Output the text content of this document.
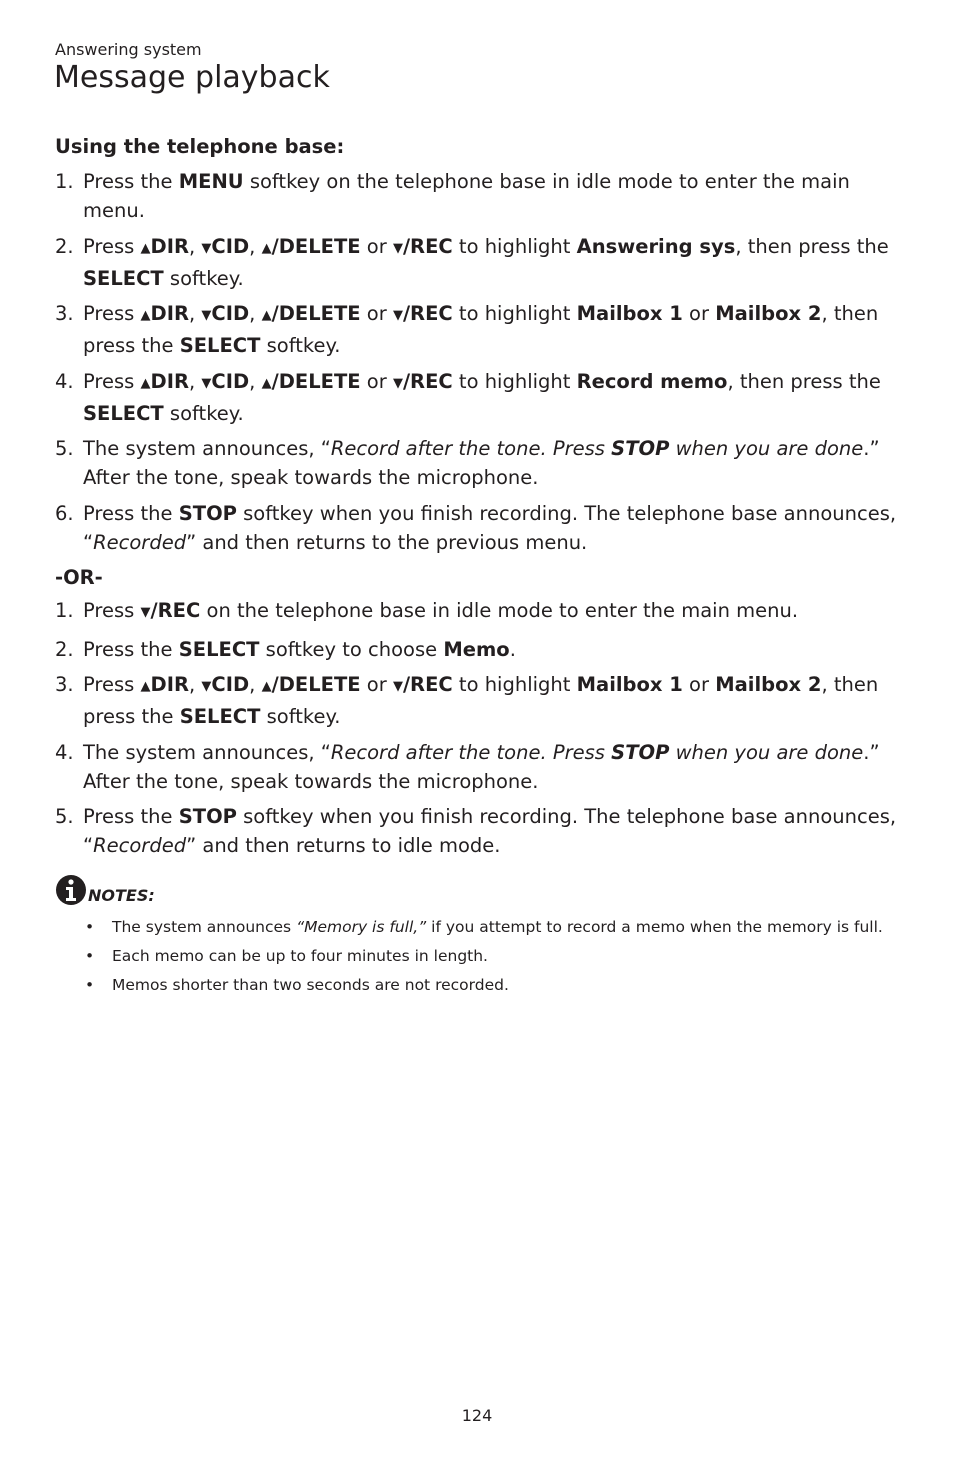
Answering system
Message playback
Using the telephone base:
1. Press the MENU softkey on the telephone base in idle mode to enter the main menu.
2. Press ▲DIR, ▼CID, ▲/DELETE or ▼/REC to highlight Answering sys, then press the SELECT softkey.
3. Press ▲DIR, ▼CID, ▲/DELETE or ▼/REC to highlight Mailbox 1 or Mailbox 2, then press the SELECT softkey.
4. Press ▲DIR, ▼CID, ▲/DELETE or ▼/REC to highlight Record memo, then press the SELECT softkey.
5. The system announces, “Record after the tone. Press STOP when you are done.” After the tone, speak towards the microphone.
6. Press the STOP softkey when you finish recording. The telephone base announces, “Recorded” and then returns to the previous menu.
-OR-
1. Press ▼/REC on the telephone base in idle mode to enter the main menu.
2. Press the SELECT softkey to choose Memo.
3. Press ▲DIR, ▼CID, ▲/DELETE or ▼/REC to highlight Mailbox 1 or Mailbox 2, then press the SELECT softkey.
4. The system announces, “Record after the tone. Press STOP when you are done.” After the tone, speak towards the microphone.
5. Press the STOP softkey when you finish recording. The telephone base announces, “Recorded” and then returns to idle mode.
NOTES:
• The system announces “Memory is full,” if you attempt to record a memo when the memory is full.
• Each memo can be up to four minutes in length.
• Memos shorter than two seconds are not recorded.
124
